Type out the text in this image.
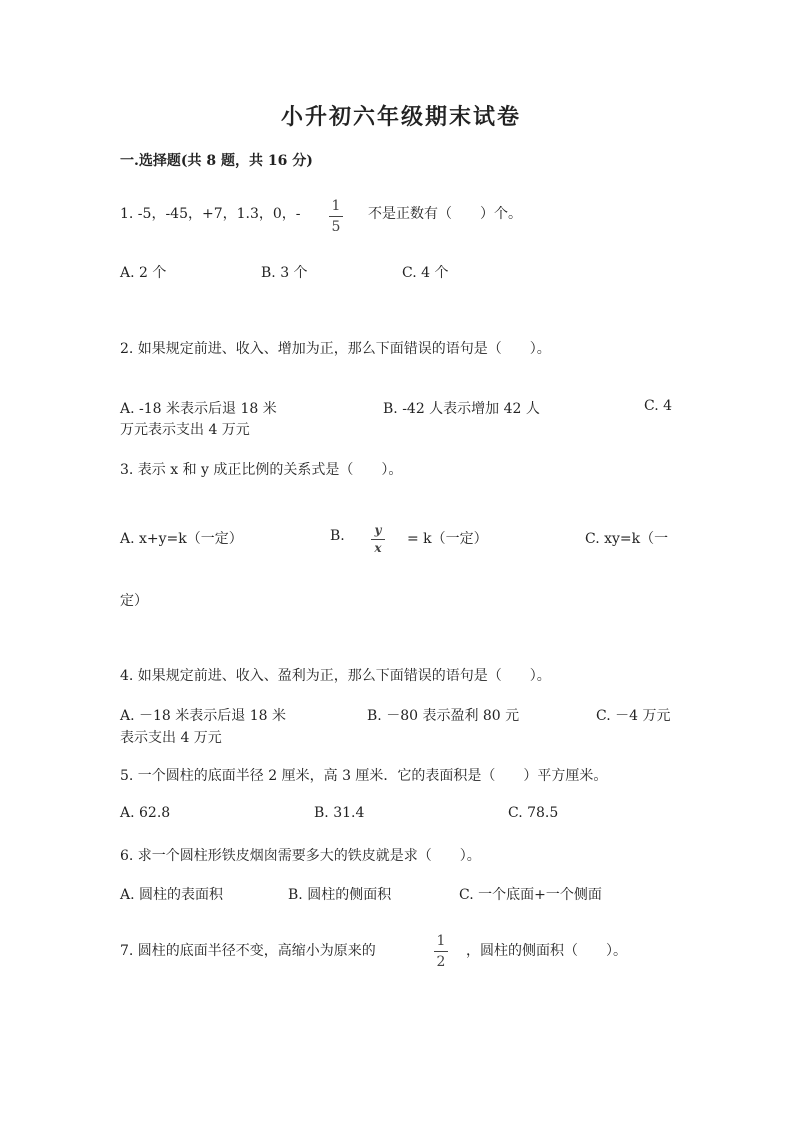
小升初六年级期末试卷
一.选择题(共 8 题，共 16 分)
1. -5，-45，+7，1.3，0，-	1
5
不是正数有（　　）个。
A. 2 个	B. 3 个	C. 4 个
2. 如果规定前进、收入、增加为正，那么下面错误的语句是（　　）。
A. -18 米表示后退 18 米	B. -42 人表示增加 42 人	C. 4
万元表示支出 4 万元
3. 表示 x 和 y 成正比例的关系式是（　　）。
A. x+y=k（一定）	B.	y
x
= k（一定）	C. xy=k（一
定）
4. 如果规定前进、收入、盈利为正，那么下面错误的语句是（　　）。
A. －18 米表示后退 18 米	B. －80 表示盈利 80 元	C. －4 万元
表示支出 4 万元
5. 一个圆柱的底面半径 2 厘米，高 3 厘米．它的表面积是（　　）平方厘米。
A. 62.8	B. 31.4	C. 78.5
6. 求一个圆柱形铁皮烟囱需要多大的铁皮就是求（　　）。
A. 圆柱的表面积	B. 圆柱的侧面积	C. 一个底面+一个侧面
7. 圆柱的底面半径不变，高缩小为原来的
1
2
，圆柱的侧面积（　　）。
